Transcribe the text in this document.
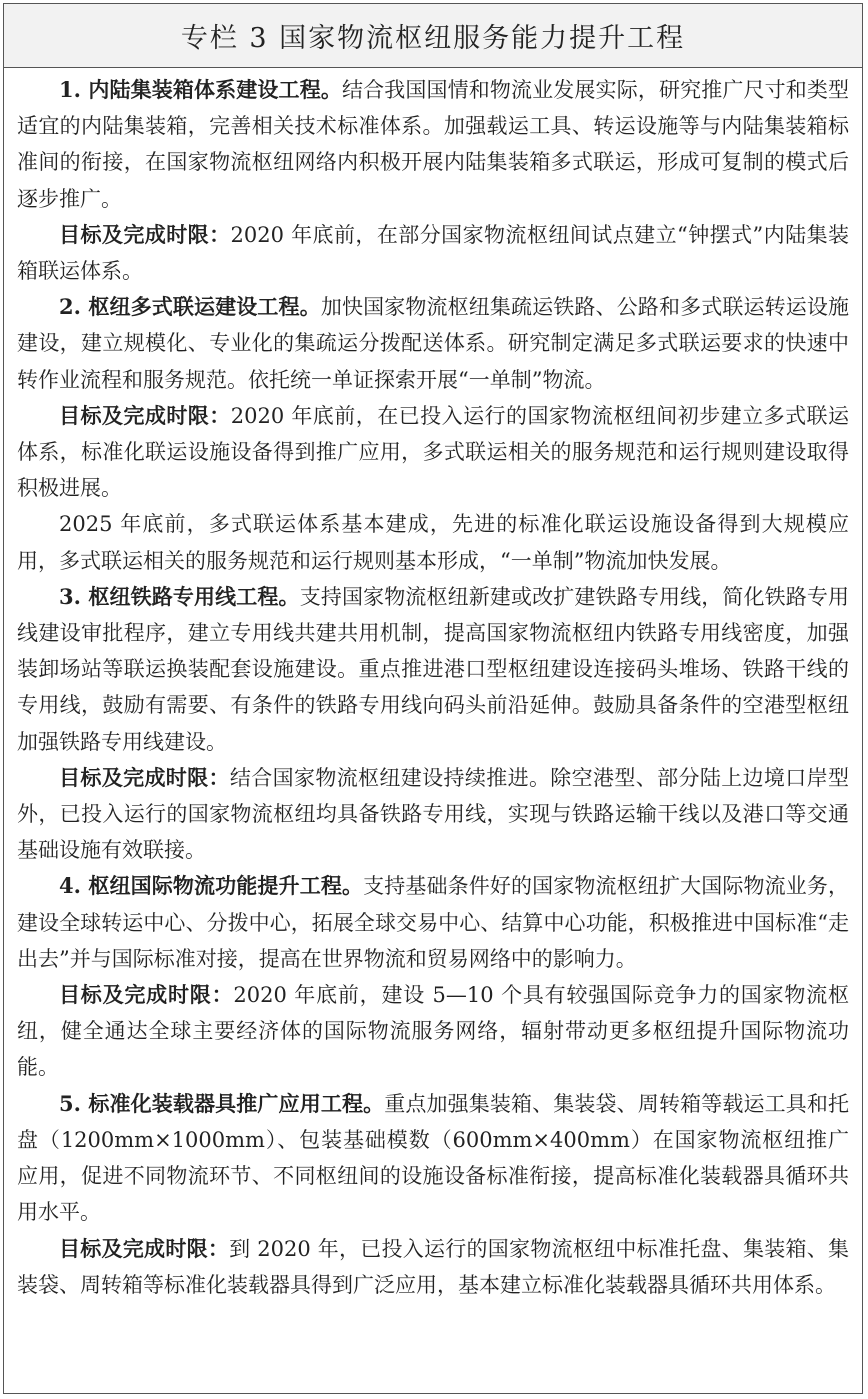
专栏 3 国家物流枢纽服务能力提升工程

1. 内陆集装箱体系建设工程。结合我国国情和物流业发展实际，研究推广尺寸和类型适宜的内陆集装箱，完善相关技术标准体系。加强载运工具、转运设施等与内陆集装箱标准间的衔接，在国家物流枢纽网络内积极开展内陆集装箱多式联运，形成可复制的模式后逐步推广。

目标及完成时限：2020 年底前，在部分国家物流枢纽间试点建立“钟摆式”内陆集装箱联运体系。

2. 枢纽多式联运建设工程。加快国家物流枢纽集疏运铁路、公路和多式联运转运设施建设，建立规模化、专业化的集疏运分拨配送体系。研究制定满足多式联运要求的快速中转作业流程和服务规范。依托统一单证探索开展“一单制”物流。

目标及完成时限：2020 年底前，在已投入运行的国家物流枢纽间初步建立多式联运体系，标准化联运设施设备得到推广应用，多式联运相关的服务规范和运行规则建设取得积极进展。

2025 年底前，多式联运体系基本建成，先进的标准化联运设施设备得到大规模应用，多式联运相关的服务规范和运行规则基本形成，“一单制”物流加快发展。

3. 枢纽铁路专用线工程。支持国家物流枢纽新建或改扩建铁路专用线，简化铁路专用线建设审批程序，建立专用线共建共用机制，提高国家物流枢纽内铁路专用线密度，加强装卸场站等联运换装配套设施建设。重点推进港口型枢纽建设连接码头堆场、铁路干线的专用线，鼓励有需要、有条件的铁路专用线向码头前沿延伸。鼓励具备条件的空港型枢纽加强铁路专用线建设。

目标及完成时限：结合国家物流枢纽建设持续推进。除空港型、部分陆上边境口岸型外，已投入运行的国家物流枢纽均具备铁路专用线，实现与铁路运输干线以及港口等交通基础设施有效联接。

4. 枢纽国际物流功能提升工程。支持基础条件好的国家物流枢纽扩大国际物流业务，建设全球转运中心、分拨中心，拓展全球交易中心、结算中心功能，积极推进中国标准“走出去”并与国际标准对接，提高在世界物流和贸易网络中的影响力。

目标及完成时限：2020 年底前，建设 5—10 个具有较强国际竞争力的国家物流枢纽，健全通达全球主要经济体的国际物流服务网络，辐射带动更多枢纽提升国际物流功能。

5. 标准化装载器具推广应用工程。重点加强集装箱、集装袋、周转箱等载运工具和托盘（1200mm×1000mm）、包装基础模数（600mm×400mm）在国家物流枢纽推广应用，促进不同物流环节、不同枢纽间的设施设备标准衔接，提高标准化装载器具循环共用水平。

目标及完成时限：到 2020 年，已投入运行的国家物流枢纽中标准托盘、集装箱、集装袋、周转箱等标准化装载器具得到广泛应用，基本建立标准化装载器具循环共用体系。
